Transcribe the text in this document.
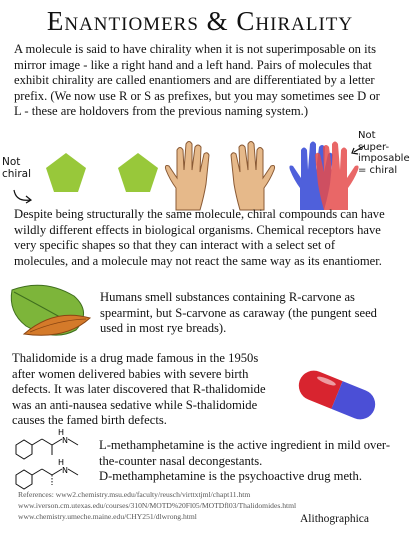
Enantiomers & Chirality
A molecule is said to have chirality when it is not superimposable on its mirror image - like a right hand and a left hand. Pairs of molecules that exhibit chirality are called enantiomers and are differentiated by a letter prefix. (We now use R or S as prefixes, but you may sometimes see D or L - these are holdovers from the previous naming system.)
Not
chiral
Not
super-
imposable
= chiral
Despite being structurally the same molecule, chiral compounds can have wildly different effects in biological organisms. Chemical receptors have very specific shapes so that they can interact with a select set of molecules, and a molecule may not react the same way as its enantiomer.
Humans smell substances containing R-carvone as spearmint, but S-carvone as caraway (the pungent seed used in most rye breads).
Thalidomide is a drug made famous in the 1950s after women delivered babies with severe birth defects. It was later discovered that R-thalidomide was an anti-nausea sedative while S-thalidomide causes the famed birth defects.
H
N
H
N
L-methamphetamine is the active ingredient in mild over-the-counter nasal decongestants.
D-methamphetamine is the psychoactive drug meth.
References: www2.chemistry.msu.edu/faculty/reusch/virttxtjml/chapt11.htm
www.iverson.cm.utexas.edu/courses/310N/MOTD%20Fl05/MOTDfl03/Thalidomides.html
www.chemistry.umeche.maine.edu/CHY251/dlwrong.html	Alithographica
